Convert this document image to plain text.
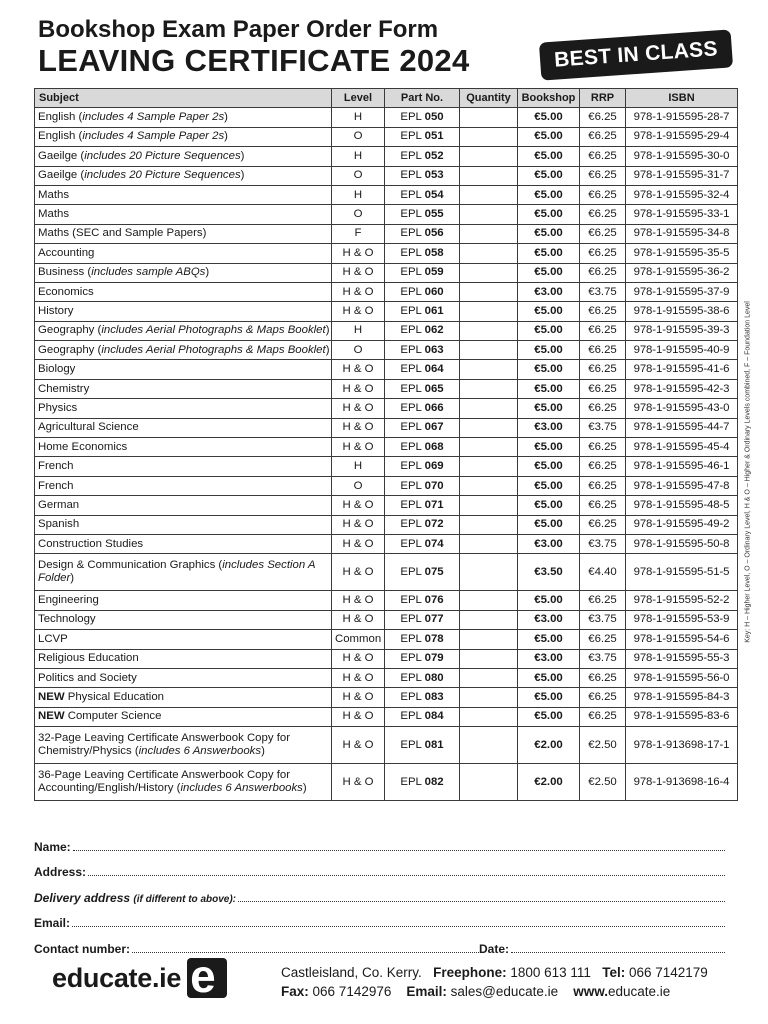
Bookshop Exam Paper Order Form
LEAVING CERTIFICATE 2024	BEST IN CLASS
Subject	Level	Part No.	Quantity	Bookshop	RRP	ISBN
English (includes 4 Sample Paper 2s)	H	EPL 050		€5.00	€6.25	978-1-915595-28-7
English (includes 4 Sample Paper 2s)	O	EPL 051		€5.00	€6.25	978-1-915595-29-4
Gaeilge (includes 20 Picture Sequences)	H	EPL 052		€5.00	€6.25	978-1-915595-30-0
Gaeilge (includes 20 Picture Sequences)	O	EPL 053		€5.00	€6.25	978-1-915595-31-7
Maths	H	EPL 054		€5.00	€6.25	978-1-915595-32-4
Maths	O	EPL 055		€5.00	€6.25	978-1-915595-33-1
Maths (SEC and Sample Papers)	F	EPL 056		€5.00	€6.25	978-1-915595-34-8
Accounting	H & O	EPL 058		€5.00	€6.25	978-1-915595-35-5
Business (includes sample ABQs)	H & O	EPL 059		€5.00	€6.25	978-1-915595-36-2
Economics	H & O	EPL 060		€3.00	€3.75	978-1-915595-37-9
History	H & O	EPL 061		€5.00	€6.25	978-1-915595-38-6
Geography (includes Aerial Photographs & Maps Booklet)	H	EPL 062		€5.00	€6.25	978-1-915595-39-3
Geography (includes Aerial Photographs & Maps Booklet)	O	EPL 063		€5.00	€6.25	978-1-915595-40-9
Biology	H & O	EPL 064		€5.00	€6.25	978-1-915595-41-6
Chemistry	H & O	EPL 065		€5.00	€6.25	978-1-915595-42-3
Physics	H & O	EPL 066		€5.00	€6.25	978-1-915595-43-0
Agricultural Science	H & O	EPL 067		€3.00	€3.75	978-1-915595-44-7
Home Economics	H & O	EPL 068		€5.00	€6.25	978-1-915595-45-4
French	H	EPL 069		€5.00	€6.25	978-1-915595-46-1
French	O	EPL 070		€5.00	€6.25	978-1-915595-47-8
German	H & O	EPL 071		€5.00	€6.25	978-1-915595-48-5
Spanish	H & O	EPL 072		€5.00	€6.25	978-1-915595-49-2
Construction Studies	H & O	EPL 074		€3.00	€3.75	978-1-915595-50-8
Design & Communication Graphics (includes Section A Folder)	H & O	EPL 075		€3.50	€4.40	978-1-915595-51-5
Engineering	H & O	EPL 076		€5.00	€6.25	978-1-915595-52-2
Technology	H & O	EPL 077		€3.00	€3.75	978-1-915595-53-9
LCVP	Common	EPL 078		€5.00	€6.25	978-1-915595-54-6
Religious Education	H & O	EPL 079		€3.00	€3.75	978-1-915595-55-3
Politics and Society	H & O	EPL 080		€5.00	€6.25	978-1-915595-56-0
NEW Physical Education	H & O	EPL 083		€5.00	€6.25	978-1-915595-84-3
NEW Computer Science	H & O	EPL 084		€5.00	€6.25	978-1-915595-83-6
32-Page Leaving Certificate Answerbook Copy for Chemistry/Physics (includes 6 Answerbooks)	H & O	EPL 081		€2.00	€2.50	978-1-913698-17-1
36-Page Leaving Certificate Answerbook Copy for Accounting/English/History (includes 6 Answerbooks)	H & O	EPL 082		€2.00	€2.50	978-1-913698-16-4
Key: H – Higher Level, O – Ordinary Level, H & O – Higher & Ordinary Levels combined, F – Foundation Level
Name:
Address:
Delivery address (if different to above):
Email:
Contact number:	Date:
educate.ie e	Castleisland, Co. Kerry. Freephone: 1800 613 111 Tel: 066 7142179
Fax: 066 7142976 Email: sales@educate.ie www.educate.ie
